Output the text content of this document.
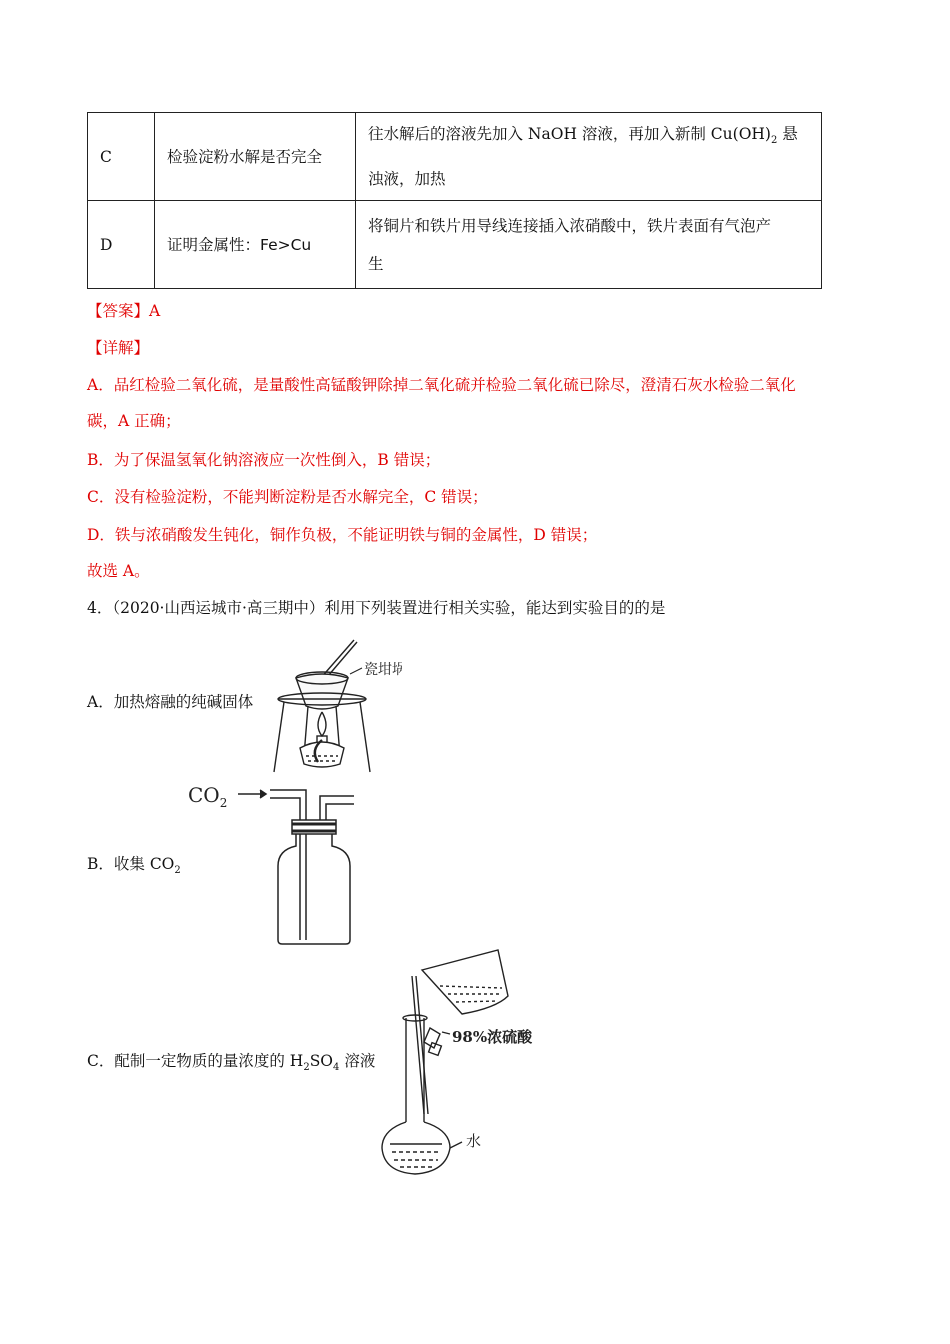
C	检验淀粉水解是否完全	往水解后的溶液先加入 NaOH 溶液，再加入新制 $Cu(OH)_2$ 悬
浊液，加热
D	证明金属性：Fe>Cu	将铜片和铁片用导线连接插入浓硝酸中，铁片表面有气泡产
生
【答案】A
【详解】
A．品红检验二氧化硫，是量酸性高锰酸钾除掉二氧化硫并检验二氧化硫已除尽，澄清石灰水检验二氧化
碳，A 正确；
B．为了保温氢氧化钠溶液应一次性倒入，B 错误；
C．没有检验淀粉，不能判断淀粉是否水解完全，C 错误；
D．铁与浓硝酸发生钝化，铜作负极，不能证明铁与铜的金属性，D 错误；
故选 A。
4．（2020·山西运城市·高三期中）利用下列装置进行相关实验，能达到实验目的的是
A．加热熔融的纯碱固体
B．收集 $CO_2$
C．配制一定物质的量浓度的 $H_2SO_4$ 溶液
瓷坩埚
$CO_2$
98%浓硫酸
水
